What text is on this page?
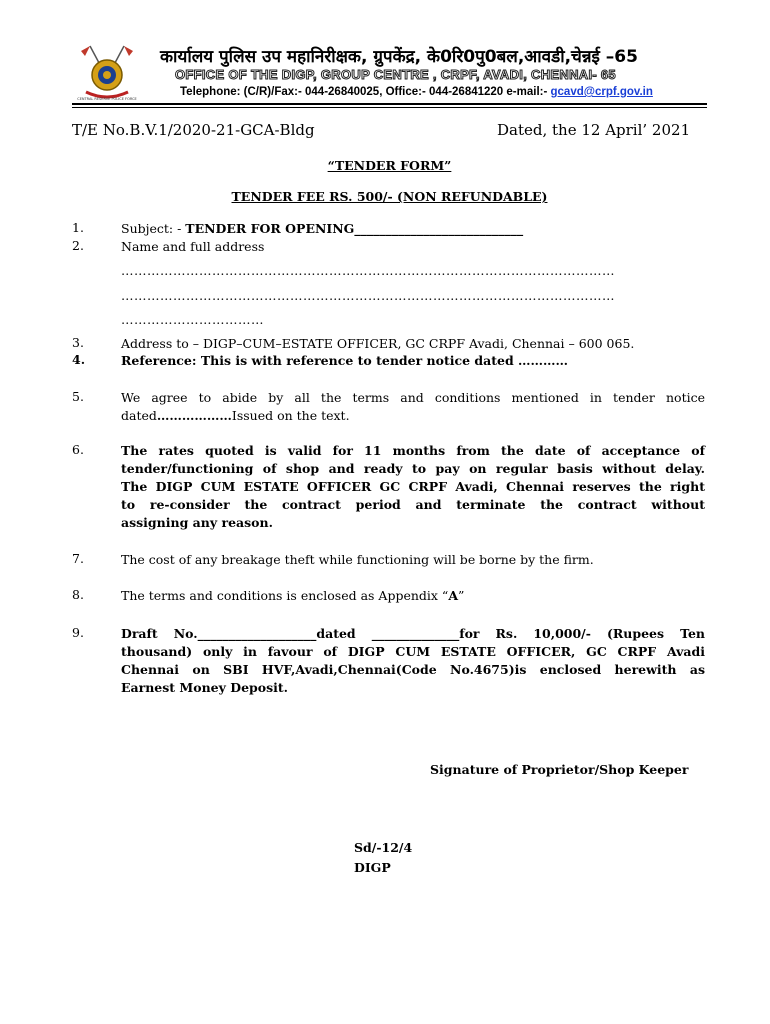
CENTRAL RESERVE POLICE FORCE
कार्यालय पुलिस उप महानिरीक्षक, ग्रुपकेंद्र, के0रि0पु0बल,आवडी,चेन्नई –65
OFFICE OF THE DIGP, GROUP CENTRE , CRPF, AVADI, CHENNAI- 65
Telephone: (C/R)/Fax:- 044-26840025, Office:- 044-26841220 e-mail:- gcavd@crpf.gov.in
T/E No.B.V.1/2020-21-GCA-Bldg	Dated, the 12 April’ 2021
“TENDER FORM”
TENDER FEE RS. 500/- (NON REFUNDABLE)
1.	Subject: - TENDER FOR OPENING___________________________
2.	Name and full address
……………………………………………………………………………………………………
……………………………………………………………………………………………………
……………………………
3.	Address to – DIGP–CUM–ESTATE OFFICER, GC CRPF Avadi, Chennai – 600 065.
4.	Reference: This is with reference to tender notice dated …………
5.	We agree to abide by all the terms and conditions mentioned in tender notice
dated………………Issued on the text.
6.	The rates quoted is valid for 11 months from the date of acceptance of
tender/functioning of shop and ready to pay on regular basis without delay.
The DIGP CUM ESTATE OFFICER GC CRPF Avadi, Chennai reserves the right
to re-consider the contract period and terminate the contract without
assigning any reason.
7.	The cost of any breakage theft while functioning will be borne by the firm.
8.	The terms and conditions is enclosed as Appendix “A”
9.	Draft No.___________________dated ______________for Rs. 10,000/- (Rupees Ten
thousand) only in favour of DIGP CUM ESTATE OFFICER, GC CRPF Avadi
Chennai on SBI HVF,Avadi,Chennai(Code No.4675)is enclosed herewith as
Earnest Money Deposit.
Signature of Proprietor/Shop Keeper
Sd/-12/4
DIGP
